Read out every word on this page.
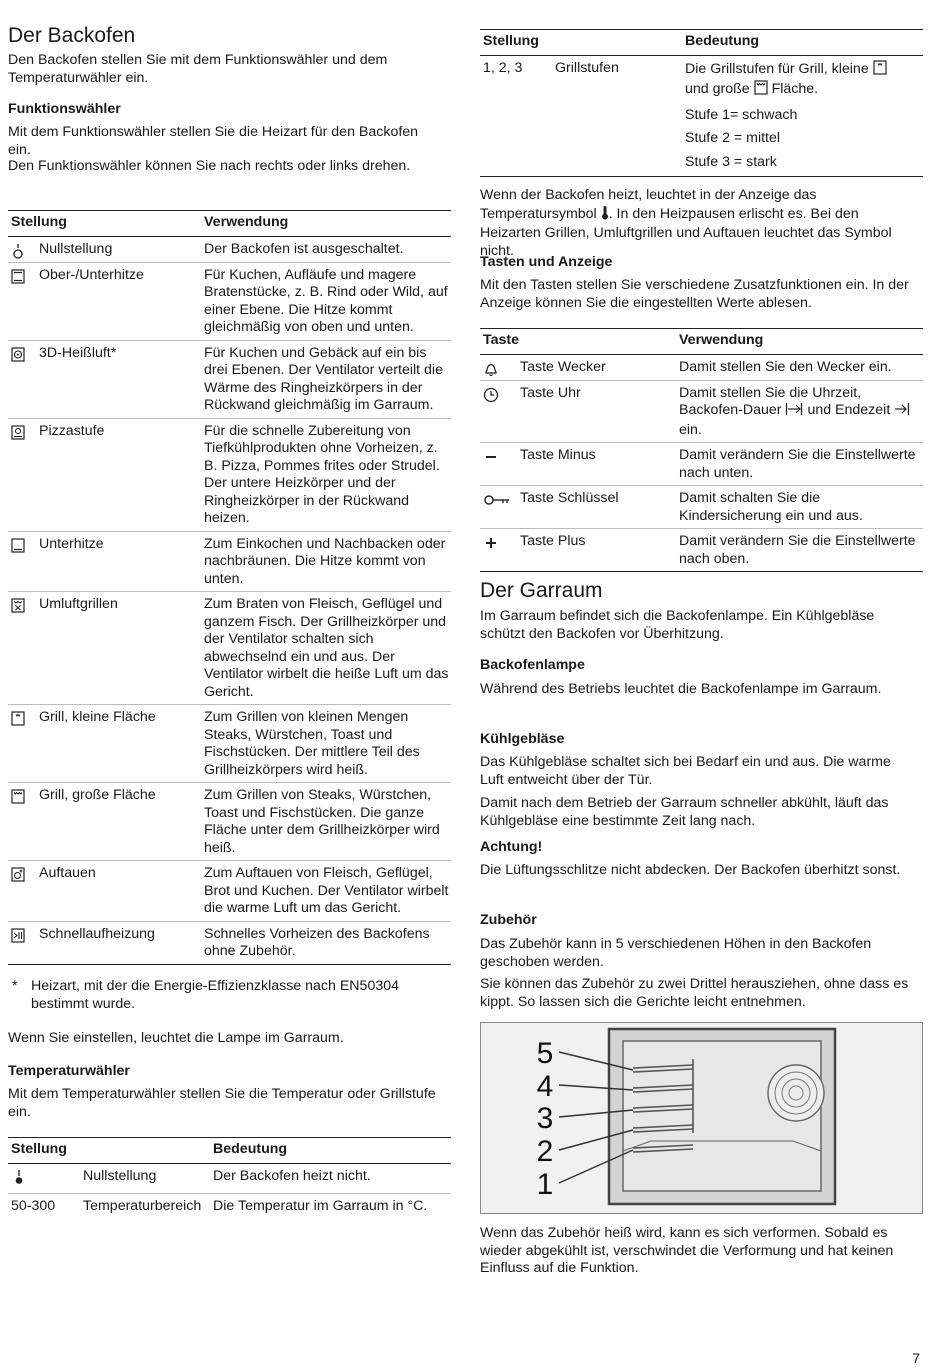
Der Backofen

Den Backofen stellen Sie mit dem Funktionswähler und dem Temperaturwähler ein.

Funktionswähler

Mit dem Funktionswähler stellen Sie die Heizart für den Backofen ein.

Den Funktionswähler können Sie nach rechts oder links drehen.

Stellung	Verwendung

Nullstellung	Der Backofen ist ausgeschaltet.

Ober-/Unterhitze	Für Kuchen, Aufläufe und magere Bratenstücke, z. B. Rind oder Wild, auf einer Ebene. Die Hitze kommt gleichmäßig von oben und unten.

3D-Heißluft*	Für Kuchen und Gebäck auf ein bis drei Ebenen. Der Ventilator verteilt die Wärme des Ringheizkörpers in der Rückwand gleichmäßig im Garraum.

Pizzastufe	Für die schnelle Zubereitung von Tiefkühlprodukten ohne Vorheizen, z. B. Pizza, Pommes frites oder Strudel. Der untere Heizkörper und der Ringheizkörper in der Rückwand heizen.

Unterhitze	Zum Einkochen und Nachbacken oder nachbräunen. Die Hitze kommt von unten.

Umluftgrillen	Zum Braten von Fleisch, Geflügel und ganzem Fisch. Der Grillheizkörper und der Ventilator schalten sich abwechselnd ein und aus. Der Ventilator wirbelt die heiße Luft um das Gericht.

Grill, kleine Fläche	Zum Grillen von kleinen Mengen Steaks, Würstchen, Toast und Fischstücken. Der mittlere Teil des Grillheizkörpers wird heiß.

Grill, große Fläche	Zum Grillen von Steaks, Würstchen, Toast und Fischstücken. Die ganze Fläche unter dem Grillheizkörper wird heiß.

Auftauen	Zum Auftauen von Fleisch, Geflügel, Brot und Kuchen. Der Ventilator wirbelt die warme Luft um das Gericht.

Schnellaufheizung	Schnelles Vorheizen des Backofens ohne Zubehör.
* Heizart, mit der die Energie-Effizienzklasse nach EN50304 bestimmt wurde.

Wenn Sie einstellen, leuchtet die Lampe im Garraum.

Temperaturwähler

Mit dem Temperaturwähler stellen Sie die Temperatur oder Grillstufe ein.

Stellung		Bedeutung
	Nullstellung	Der Backofen heizt nicht.
50-300	Temperaturbereich	Die Temperatur im Garraum in °C.
Stellung		Bedeutung
1, 2, 3	Grillstufen	Die Grillstufen für Grill, kleine
und große Fläche.
Stufe 1= schwach
Stufe 2 = mittel
Stufe 3 = stark

Wenn der Backofen heizt, leuchtet in der Anzeige das Temperatursymbol . In den Heizpausen erlischt es. Bei den Heizarten Grillen, Umluftgrillen und Auftauen leuchtet das Symbol nicht.

Tasten und Anzeige

Mit den Tasten stellen Sie verschiedene Zusatzfunktionen ein. In der Anzeige können Sie die eingestellten Werte ablesen.

Taste	Verwendung

Taste Wecker	Damit stellen Sie den Wecker ein.

Taste Uhr	Damit stellen Sie die Uhrzeit, Backofen-Dauer und Endezeit  ein.

Taste Minus	Damit verändern Sie die Einstellwerte nach unten.

Taste Schlüssel	Damit schalten Sie die Kindersicherung ein und aus.

Taste Plus	Damit verändern Sie die Einstellwerte nach oben.
Der Garraum

Im Garraum befindet sich die Backofenlampe. Ein Kühlgebläse schützt den Backofen vor Überhitzung.

Backofenlampe

Während des Betriebs leuchtet die Backofenlampe im Garraum.

Kühlgebläse

Das Kühlgebläse schaltet sich bei Bedarf ein und aus. Die warme Luft entweicht über der Tür.

Damit nach dem Betrieb der Garraum schneller abkühlt, läuft das Kühlgebläse eine bestimmte Zeit lang nach.

Achtung!

Die Lüftungsschlitze nicht abdecken. Der Backofen überhitzt sonst.

Zubehör

Das Zubehör kann in 5 verschiedenen Höhen in den Backofen geschoben werden.

Sie können das Zubehör zu zwei Drittel herausziehen, ohne dass es kippt. So lassen sich die Gerichte leicht entnehmen.

Wenn das Zubehör heiß wird, kann es sich verformen. Sobald es wieder abgekühlt ist, verschwindet die Verformung und hat keinen Einfluss auf die Funktion.

5
4
3
2
1
7
